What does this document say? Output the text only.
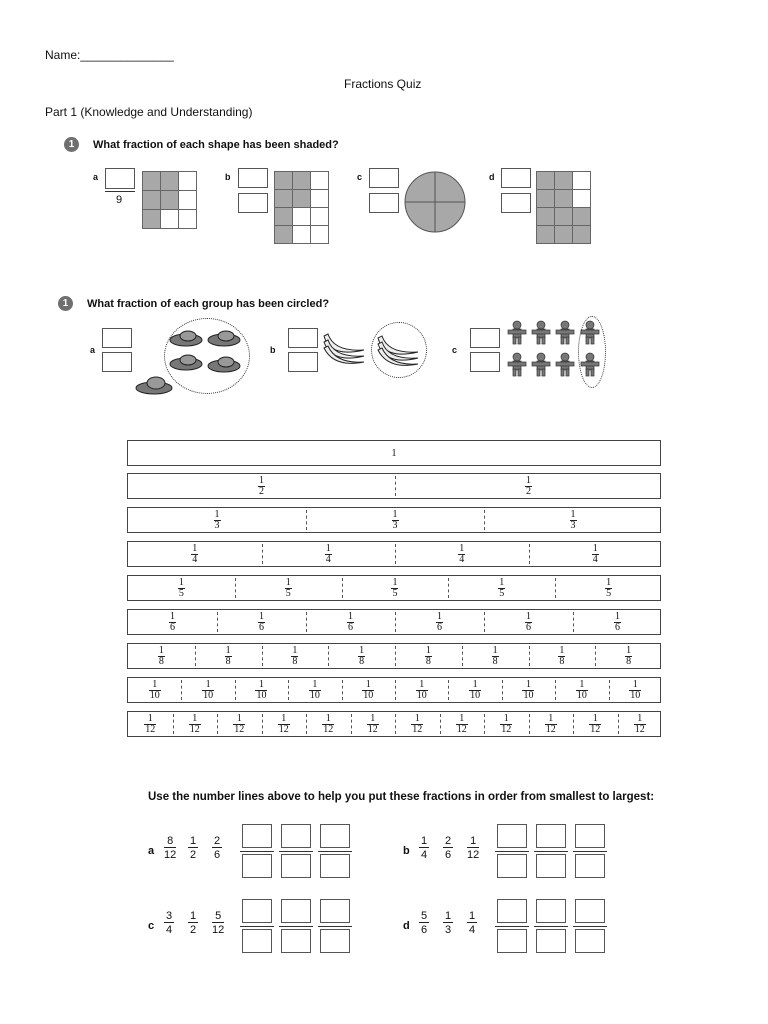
Name:______________
Fractions Quiz
Part 1 (Knowledge and Understanding)
1	What fraction of each shape has been shaded?
a
9
b	c	d
1	What fraction of each group has been circled?
a	b	c
1
$\frac{1}{2}$	$\frac{1}{2}$
$\frac{1}{3}$	$\frac{1}{3}$	$\frac{1}{3}$
$\frac{1}{4}$	$\frac{1}{4}$	$\frac{1}{4}$	$\frac{1}{4}$
$\frac{1}{5}$	$\frac{1}{5}$	$\frac{1}{5}$	$\frac{1}{5}$	$\frac{1}{5}$
$\frac{1}{6}$	$\frac{1}{6}$	$\frac{1}{6}$	$\frac{1}{6}$	$\frac{1}{6}$	$\frac{1}{6}$
$\frac{1}{8}$	$\frac{1}{8}$	$\frac{1}{8}$	$\frac{1}{8}$	$\frac{1}{8}$	$\frac{1}{8}$	$\frac{1}{8}$	$\frac{1}{8}$
$\frac{1}{10}$	$\frac{1}{10}$	$\frac{1}{10}$	$\frac{1}{10}$	$\frac{1}{10}$	$\frac{1}{10}$	$\frac{1}{10}$	$\frac{1}{10}$	$\frac{1}{10}$	$\frac{1}{10}$
$\frac{1}{12}$	$\frac{1}{12}$	$\frac{1}{12}$	$\frac{1}{12}$	$\frac{1}{12}$	$\frac{1}{12}$	$\frac{1}{12}$	$\frac{1}{12}$	$\frac{1}{12}$	$\frac{1}{12}$	$\frac{1}{12}$	$\frac{1}{12}$
Use the number lines above to help you put these fractions in order from smallest to largest:
a
8
12
1
2
2
6	b
1
4
2
6
1
12
c
3
4
1
2
5
12	d
5
6
1
3
1
4
